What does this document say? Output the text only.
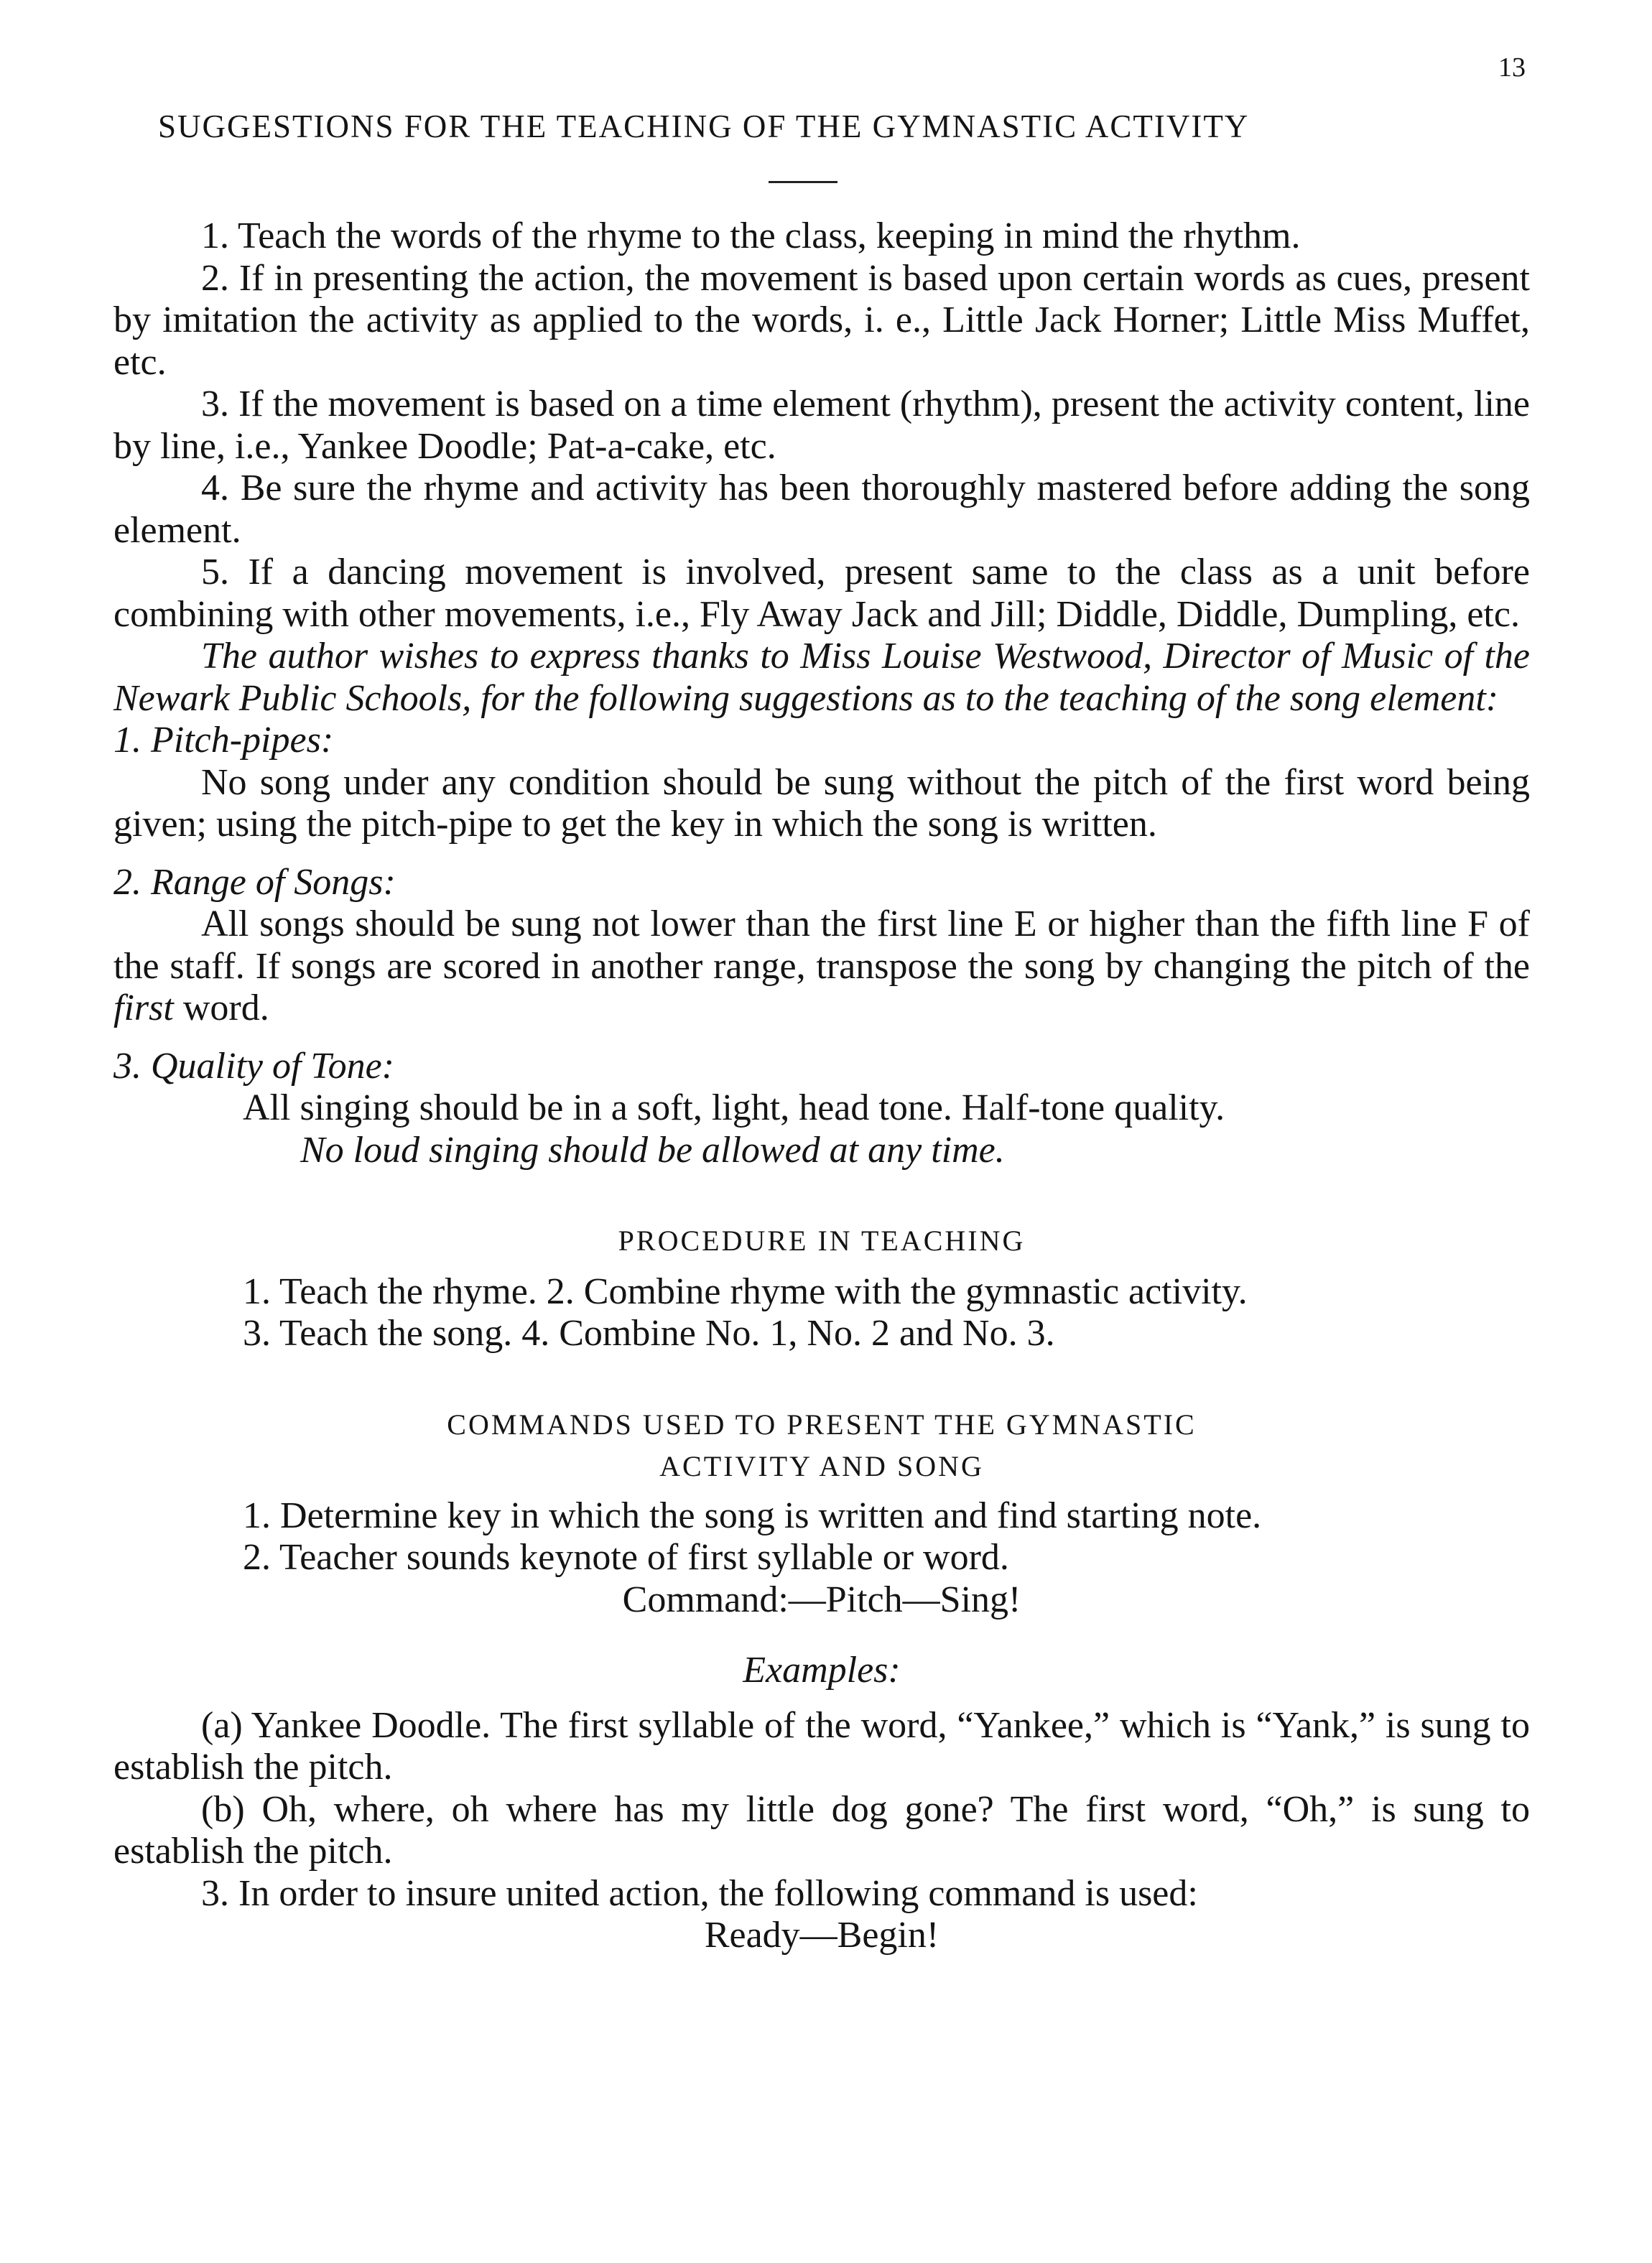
13
SUGGESTIONS FOR THE TEACHING OF THE GYMNASTIC ACTIVITY

1. Teach the words of the rhyme to the class, keeping in mind the rhythm.

2. If in presenting the action, the movement is based upon certain words as cues, present by imitation the activity as applied to the words, i. e., Little Jack Horner; Little Miss Muffet, etc.

3. If the movement is based on a time element (rhythm), present the activity content, line by line, i.e., Yankee Doodle; Pat-a-cake, etc.

4. Be sure the rhyme and activity has been thoroughly mastered before adding the song element.

5. If a dancing movement is involved, present same to the class as a unit before combining with other movements, i.e., Fly Away Jack and Jill; Diddle, Diddle, Dumpling, etc.

The author wishes to express thanks to Miss Louise Westwood, Director of Music of the Newark Public Schools, for the following suggestions as to the teaching of the song element:

1. Pitch-pipes:

No song under any condition should be sung without the pitch of the first word being given; using the pitch-pipe to get the key in which the song is written.

2. Range of Songs:

All songs should be sung not lower than the first line E or higher than the fifth line F of the staff. If songs are scored in another range, transpose the song by changing the pitch of the first word.

3. Quality of Tone:

All singing should be in a soft, light, head tone. Half-tone quality.

No loud singing should be allowed at any time.

PROCEDURE IN TEACHING

1. Teach the rhyme. 2. Combine rhyme with the gymnastic activity.

3. Teach the song. 4. Combine No. 1, No. 2 and No. 3.

COMMANDS USED TO PRESENT THE GYMNASTIC

ACTIVITY AND SONG

1. Determine key in which the song is written and find starting note.

2. Teacher sounds keynote of first syllable or word.

Command:—Pitch—Sing!

Examples:

(a) Yankee Doodle. The first syllable of the word, “Yankee,” which is “Yank,” is sung to establish the pitch.

(b) Oh, where, oh where has my little dog gone? The first word, “Oh,” is sung to establish the pitch.

3. In order to insure united action, the following command is used:

Ready—Begin!
